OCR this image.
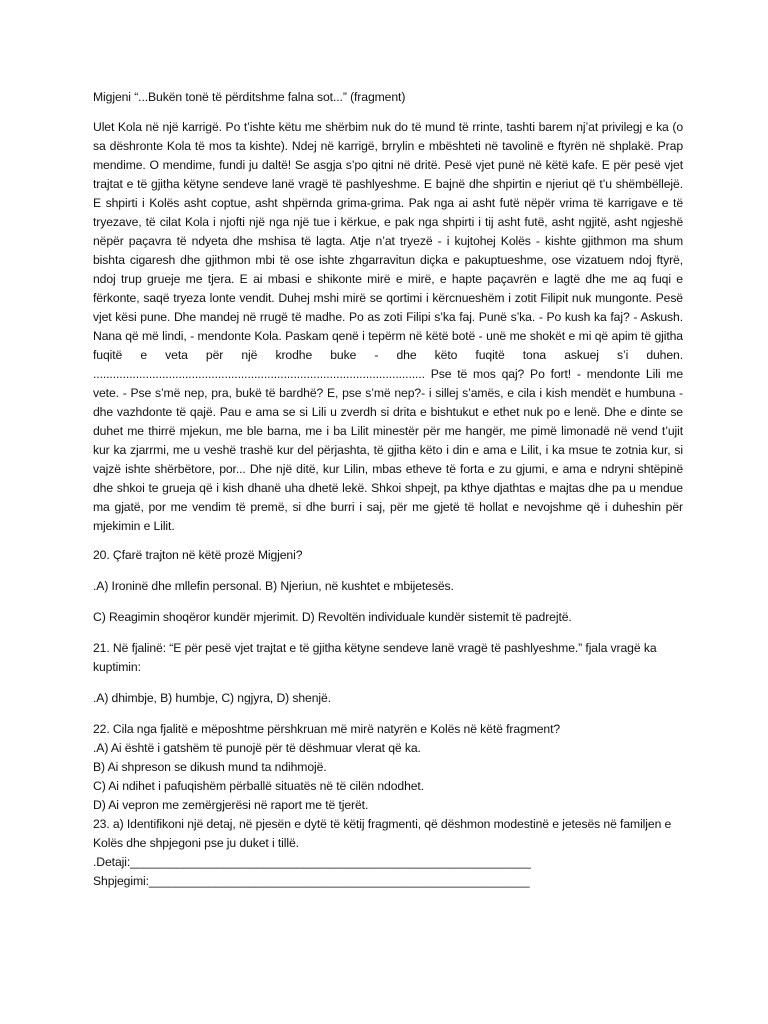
Migjeni “...Bukën tonë të përditshme falna sot...” (fragment)

Ulet Kola në një karrigë. Po t’ishte këtu me shërbim nuk do të mund të rrinte, tashti barem nj’at privilegj e ka (o sa dëshronte Kola të mos ta kishte). Ndej në karrigë, brrylin e mbështeti në tavolinë e ftyrën në shplakë. Prap mendime. O mendime, fundi ju daltë! Se asgja s’po qitni në dritë. Pesë vjet punë në këtë kafe. E për pesë vjet trajtat e të gjitha këtyne sendeve lanë vragë të pashlyeshme. E bajnë dhe shpirtin e njeriut që t’u shëmbëllejë. E shpirti i Kolës asht coptue, asht shpërnda grima-grima. Pak nga ai asht futë nëpër vrima të karrigave e të tryezave, të cilat Kola i njofti një nga një tue i kërkue, e pak nga shpirti i tij asht futë, asht ngjitë, asht ngjeshë nëpër paçavra të ndyeta dhe mshisa të lagta. Atje n’at tryezë - i kujtohej Kolës - kishte gjithmon ma shum bishta cigaresh dhe gjithmon mbi të ose ishte zhgarravitun diçka e pakuptueshme, ose vizatuem ndoj ftyrë, ndoj trup grueje me tjera. E ai mbasi e shikonte mirë e mirë, e hapte paçavrën e lagtë dhe me aq fuqi e fërkonte, saqë tryeza lonte vendit. Duhej mshi mirë se qortimi i kërcnueshëm i zotit Filipit nuk mungonte. Pesë vjet kësi pune. Dhe mandej në rrugë të madhe. Po as zoti Filipi s’ka faj. Punë s’ka. - Po kush ka faj? - Askush. Nana që më lindi, - mendonte Kola. Paskam qenë i tepërm në këtë botë - unë me shokët e mi që apim të gjitha fuqitë e veta për një krodhe buke - dhe këto fuqitë tona askuej s’i duhen. ..................................................................................................... Pse të mos qaj? Po fort! - mendonte Lili me vete. - Pse s’më nep, pra, bukë të bardhë? E, pse s’më nep?- i sillej s’amës, e cila i kish mendët e humbuna - dhe vazhdonte të qajë. Pau e ama se si Lili u zverdh si drita e bishtukut e ethet nuk po e lenë. Dhe e dinte se duhet me thirrë mjekun, me ble barna, me i ba Lilit minestër për me hangër, me pimë limonadë në vend t’ujit kur ka zjarrmi, me u veshë trashë kur del përjashta, të gjitha këto i din e ama e Lilit, i ka msue te zotnia kur, si vajzë ishte shërbëtore, por... Dhe një ditë, kur Lilin, mbas etheve të forta e zu gjumi, e ama e ndryni shtëpinë dhe shkoi te grueja që i kish dhanë uha dhetë lekë. Shkoi shpejt, pa kthye djathtas e majtas dhe pa u mendue ma gjatë, por me vendim të premë, si dhe burri i saj, për me gjetë të hollat e nevojshme që i duheshin për mjekimin e Lilit.

20. Çfarë trajton në këtë prozë Migjeni?

.A) Ironinë dhe mllefin personal. B) Njeriun, në kushtet e mbijetesës.

C) Reagimin shoqëror kundër mjerimit. D) Revoltën individuale kundër sistemit të padrejtë.

21. Në fjalinë: “E për pesë vjet trajtat e të gjitha këtyne sendeve lanë vragë të pashlyeshme.” fjala vragë ka kuptimin:

.A) dhimbje, B) humbje, C) ngjyra, D) shenjë.

22. Cila nga fjalitë e mëposhtme përshkruan më mirë natyrën e Kolës në këtë fragment?

.A) Ai është i gatshëm të punojë për të dëshmuar vlerat që ka.

B) Ai shpreson se dikush mund ta ndihmojë.

C) Ai ndihet i pafuqishëm përballë situatës në të cilën ndodhet.

D) Ai vepron me zemërgjerësi në raport me të tjerët.

23. a) Identifikoni një detaj, në pjesën e dytë të këtij fragmenti, që dëshmon modestinë e jetesës në familjen e Kolës dhe shpjegoni pse ju duket i tillë.

.Detaji:____________________________________________________________

Shpjegimi:_________________________________________________________
